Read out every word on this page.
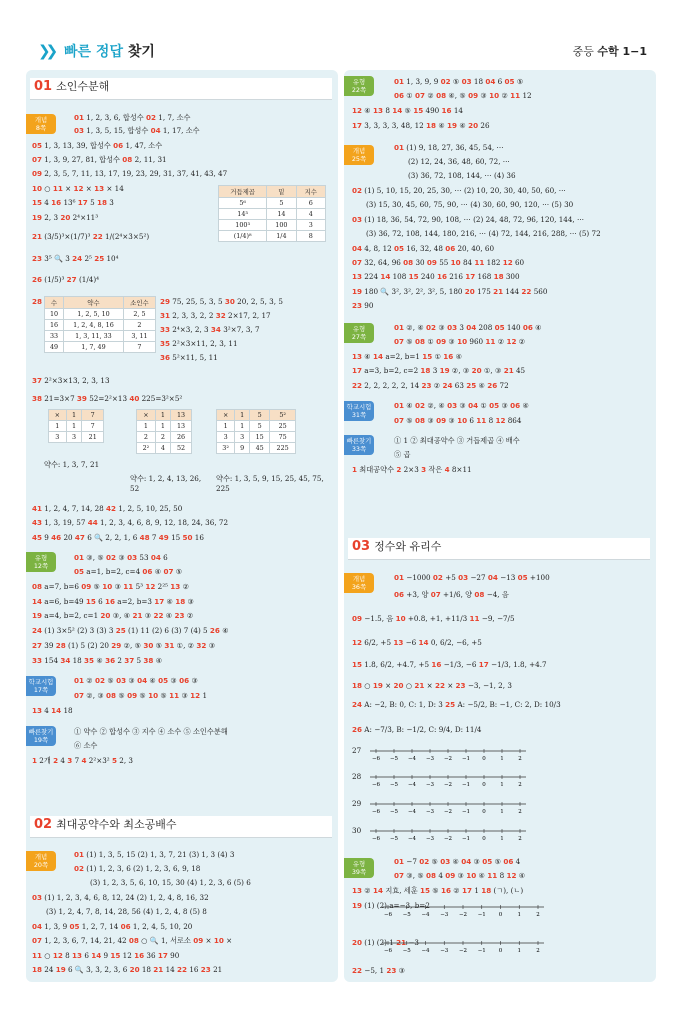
❯❯ 빠른 정답 찾기	중등 수학 1−1
01 소인수분해
개념
8쪽
01 1, 2, 3, 6, 합성수 02 1, 7, 소수
03 1, 3, 5, 15, 합성수 04 1, 17, 소수
05 1, 3, 13, 39, 합성수 06 1, 47, 소수
07 1, 3, 9, 27, 81, 합성수 08 2, 11, 31
09 2, 3, 5, 7, 11, 13, 17, 19, 23, 29, 31, 37, 41, 43, 47
10 ○ 11 × 12 × 13 × 14
15 4 16 13⁶ 17 5 18 3
19 2, 3 20 2⁴×11³
21 (3/5)³×(1/7)³ 22 1/(2⁴×3×5²)
23 3⁵ 🔍 3 24 2⁵ 25 10⁴
26 (1/5)³ 27 (1/4)⁴
거듭제곱	밑	지수
5⁶	5	6
14³	14	4
100³	100	3
(1/4)⁸	1/4	8
수	약수	소인수
10	1, 2, 5, 10	2, 5
16	1, 2, 4, 8, 16	2
33	1, 3, 11, 33	3, 11
49	1, 7, 49	7
28	29 75, 25, 5, 3, 5 30 20, 2, 5, 3, 5
31 2, 3, 3, 2, 2 32 2×17, 2, 17
33 2⁴×3, 2, 3 34 3²×7, 3, 7
35 2²×3×11, 2, 3, 11
36 5²×11, 5, 11
37 2²×3×13, 2, 3, 13
38 21=3×7 39 52=2²×13 40 225=3²×5²
×	1	7
1	1	7
3	3	21
×	1	13
1	1	13
2	2	26
2²	4	52
×	1	5	5²
1	1	5	25
3	3	15	75
3²	9	45	225
약수: 1, 3, 7, 21
약수: 1, 2, 4, 13, 26, 52
약수: 1, 3, 5, 9, 15, 25, 45, 75, 225
41 1, 2, 4, 7, 14, 28 42 1, 2, 5, 10, 25, 50
43 1, 3, 19, 57 44 1, 2, 3, 4, 6, 8, 9, 12, 18, 24, 36, 72
45 9 46 20 47 6 🔍 2, 2, 1, 6 48 7 49 15 50 16
유형
12쪽
01 ③, ⑤ 02 ③ 03 53 04 6
05 a=1, b=2, c=4 06 ④ 07 ⑤
08 a=7, b=6 09 ⑤ 10 ③ 11 5³ 12 2²⁵ 13 ②
14 a=6, b=49 15 6 16 a=2, b=3 17 ④ 18 ③
19 a=4, b=2, c=1 20 ③, ④ 21 ③ 22 ④ 23 ②
24 (1) 3×5² (2) 3 (3) 3 25 (1) 11 (2) 6 (3) 7 (4) 5 26 ④
27 39 28 (1) 5 (2) 20 29 ②, ⑤ 30 ⑤ 31 ①, ② 32 ③
33 154 34 18 35 ④ 36 2 37 5 38 ④
학교시험
17쪽
01 ② 02 ⑤ 03 ③ 04 ④ 05 ③ 06 ③
07 ②, ③ 08 ⑤ 09 ⑤ 10 ⑤ 11 ③ 12 1
13 4 14 18
빠른찾기
19쪽
① 약수 ② 합성수 ③ 지수 ④ 소수 ⑤ 소인수분해
⑥ 소수
1 2개 2 4 3 7 4 2²×3² 5 2, 3
02 최대공약수와 최소공배수
개념
20쪽
01 (1) 1, 3, 5, 15 (2) 1, 3, 7, 21 (3) 1, 3 (4) 3
02 (1) 1, 2, 3, 6 (2) 1, 2, 3, 6, 9, 18
(3) 1, 2, 3, 5, 6, 10, 15, 30 (4) 1, 2, 3, 6 (5) 6
03 (1) 1, 2, 3, 4, 6, 8, 12, 24 (2) 1, 2, 4, 8, 16, 32
(3) 1, 2, 4, 7, 8, 14, 28, 56 (4) 1, 2, 4, 8 (5) 8
04 1, 3, 9 05 1, 2, 7, 14 06 1, 2, 4, 5, 10, 20
07 1, 2, 3, 6, 7, 14, 21, 42 08 ○ 🔍 1, 서로소 09 × 10 ×
11 ○ 12 8 13 6 14 9 15 12 16 36 17 90
18 24 19 6 🔍 3, 3, 2, 3, 6 20 18 21 14 22 16 23 21
유형
22쪽
01 1, 3, 9, 9 02 ⑤ 03 18 04 6 05 ⑤
06 ① 07 ② 08 ④, ⑤ 09 ③ 10 ② 11 12
12 ④ 13 8 14 ⑤ 15 490 16 14
17 3, 3, 3, 3, 48, 12 18 ④ 19 ④ 20 26
개념
25쪽
01 (1) 9, 18, 27, 36, 45, 54, ⋯
(2) 12, 24, 36, 48, 60, 72, ⋯
(3) 36, 72, 108, 144, ⋯ (4) 36
02 (1) 5, 10, 15, 20, 25, 30, ⋯ (2) 10, 20, 30, 40, 50, 60, ⋯
(3) 15, 30, 45, 60, 75, 90, ⋯ (4) 30, 60, 90, 120, ⋯ (5) 30
03 (1) 18, 36, 54, 72, 90, 108, ⋯ (2) 24, 48, 72, 96, 120, 144, ⋯
(3) 36, 72, 108, 144, 180, 216, ⋯ (4) 72, 144, 216, 288, ⋯ (5) 72
04 4, 8, 12 05 16, 32, 48 06 20, 40, 60
07 32, 64, 96 08 30 09 55 10 84 11 182 12 60
13 224 14 108 15 240 16 216 17 168 18 300
19 180 🔍 3², 3², 2², 3², 5, 180 20 175 21 144 22 560
23 90
유형
27쪽
01 ②, ④ 02 ③ 03 3 04 208 05 140 06 ④
07 ⑤ 08 ① 09 ③ 10 960 11 ② 12 ②
13 ④ 14 a=2, b=1 15 ① 16 ④
17 a=3, b=2, c=2 18 3 19 ②, ③ 20 ①, ③ 21 45
22 2, 2, 2, 2, 2, 14 23 ② 24 63 25 ④ 26 72
학교시험
31쪽
01 ④ 02 ②, ④ 03 ③ 04 ① 05 ③ 06 ④
07 ⑤ 08 ③ 09 ③ 10 6 11 8 12 864
빠른찾기
33쪽
① 1 ② 최대공약수 ③ 거듭제곱 ④ 배수
⑤ 곱
1 최대공약수 2 2×3 3 작은 4 8×11
03 정수와 유리수
개념
36쪽
01 −1000 02 +5 03 −27 04 −13 05 +100
06 +3, 양 07 +1/6, 양 08 −4, 음
09 −1.5, 음 10 +0.8, +1, +11/3 11 −9, −7/5
12 6/2, +5 13 −6 14 0, 6/2, −6, +5
15 1.8, 6/2, +4.7, +5 16 −1/3, −6 17 −1/3, 1.8, +4.7
18 ○ 19 × 20 ○ 21 × 22 × 23 −3, −1, 2, 3
24 A: −2, B: 0, C: 1, D: 3 25 A: −5/2, B: −1, C: 2, D: 10/3
26 A: −7/3, B: −1/2, C: 9/4, D: 11/4
27
−6 −5 −4 −3 −2 −1 0	1	2
28
−6 −5 −4 −3 −2 −1 0	1	2
29
−6 −5 −4 −3 −2 −1 0	1	2
30
−6 −5 −4 −3 −2 −1 0	1	2
유형
39쪽
01 −7 02 ⑤ 03 ④ 04 ③ 05 ⑤ 06 4
07 ③, ⑤ 08 4 09 ③ 10 ④ 11 8 12 ④
13 ② 14 지효, 세훈 15 ⑤ 16 ② 17 1 18 (ㄱ), (ㄴ)
19 (1) (2) a=−3, b=2
−6 −5 −4 −3 −2 −1 0	1	2
20 (1) (2) 1 21 −3
−6 −5 −4 −3 −2 −1 0	1	2
22 −5, 1 23 ③
